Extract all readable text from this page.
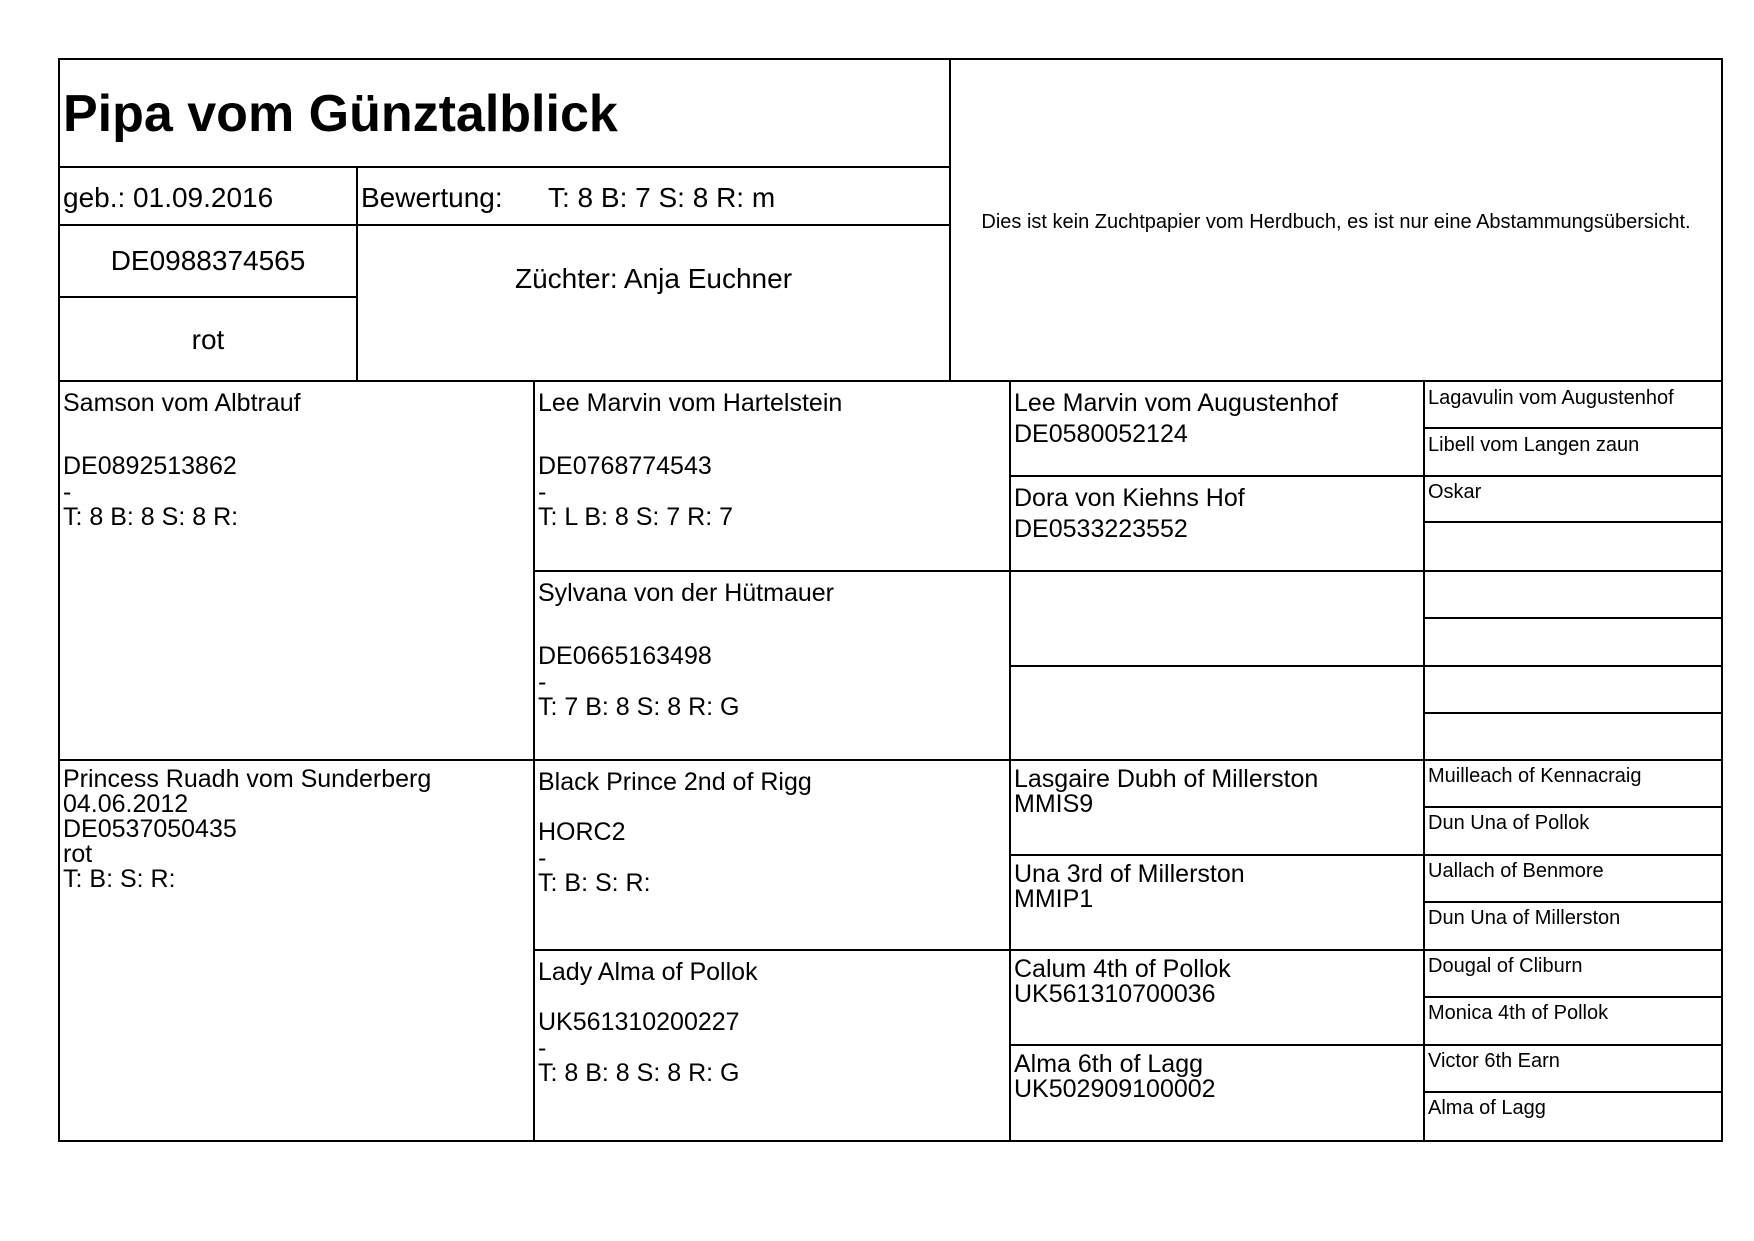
Pipa vom Günztalblick
Dies ist kein Zuchtpapier vom Herdbuch, es ist nur eine Abstammungsübersicht.
geb.: 01.09.2016	Bewertung: T: 8 B: 7 S: 8 R: m
DE0988374565
Züchter: Anja Euchner
rot
Samson vom Albtrauf
DE0892513862
-
T: 8 B: 8 S: 8 R:
Princess Ruadh vom Sunderberg
04.06.2012
DE0537050435
rot
T: B: S: R:
Lee Marvin vom Hartelstein
DE0768774543
-
T: L B: 8 S: 7 R: 7
Sylvana von der Hütmauer
DE0665163498
-
T: 7 B: 8 S: 8 R: G
Black Prince 2nd of Rigg
HORC2
-
T: B: S: R:
Lady Alma of Pollok
UK561310200227
-
T: 8 B: 8 S: 8 R: G
Lee Marvin vom Augustenhof
DE0580052124
Dora von Kiehns Hof
DE0533223552
Lasgaire Dubh of Millerston
MMIS9
Una 3rd of Millerston
MMIP1
Calum 4th of Pollok
UK561310700036
Alma 6th of Lagg
UK502909100002
Lagavulin vom Augustenhof
Libell vom Langen zaun
Oskar
Muilleach of Kennacraig
Dun Una of Pollok
Uallach of Benmore
Dun Una of Millerston
Dougal of Cliburn
Monica 4th of Pollok
Victor 6th Earn
Alma of Lagg
